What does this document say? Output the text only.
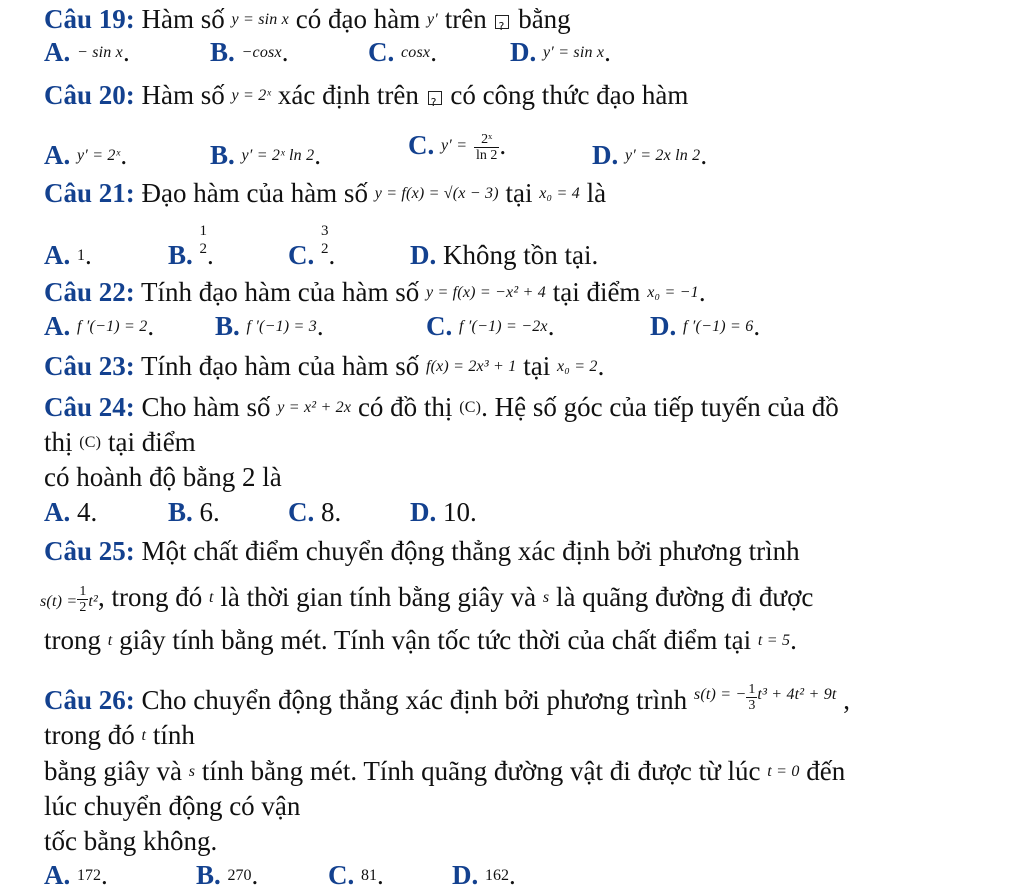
Câu 19: Hàm số y = sin x có đạo hàm y′ trên ? bằng
A. − sin x.	B. −cosx.	C. cosx.	D. y′ = sin x.
Câu 20: Hàm số y = 2ˣ xác định trên ? có công thức đạo hàm
A. y′ = 2ˣ.	B. y′ = 2ˣ ln 2.	C. $y' = \frac{\text{2ˣ}}{\ln 2}$ .	D. y′ = 2x ln 2.
Câu 21: Đạo hàm của hàm số y = f(x) = √(x − 3) tại x₀ = 4 là
A. 1.	B.
1
2 .	C.
3
2 .	D. Không tồn tại.
Câu 22: Tính đạo hàm của hàm số y = f(x) = −x² + 4 tại điểm x₀ = −1.
A. f ′(−1) = 2. B. f ′(−1) = 3.	C. f ′(−1) = −2x.	D. f ′(−1) = 6.
Câu 23: Tính đạo hàm của hàm số f(x) = 2x³ + 1 tại x₀ = 2.
Câu 24: Cho hàm số y = x² + 2x có đồ thị (C). Hệ số góc của tiếp tuyến của đồ
thị (C) tại điểm
có hoành độ bằng 2 là
A. 4.	B. 6.	C. 8.	D. 10.
Câu 25: Một chất điểm chuyển động thẳng xác định bởi phương trình
$s(t) = \frac{1}{2} t^2$, trong đó t là thời gian tính bằng giây và s là quãng đường đi được
trong t giây tính bằng mét. Tính vận tốc tức thời của chất điểm tại t = 5.
Câu 26: Cho chuyển động thẳng xác định bởi phương trình $^{s(t) = -} \frac{1}{3} ^{t^3 + 4t^2 + 9t}$ ,
trong đó t tính
bằng giây và s tính bằng mét. Tính quãng đường vật đi được từ lúc t = 0 đến
lúc chuyển động có vận
tốc bằng không.
A. 172.	B. 270.	C. 81.	D. 162.
